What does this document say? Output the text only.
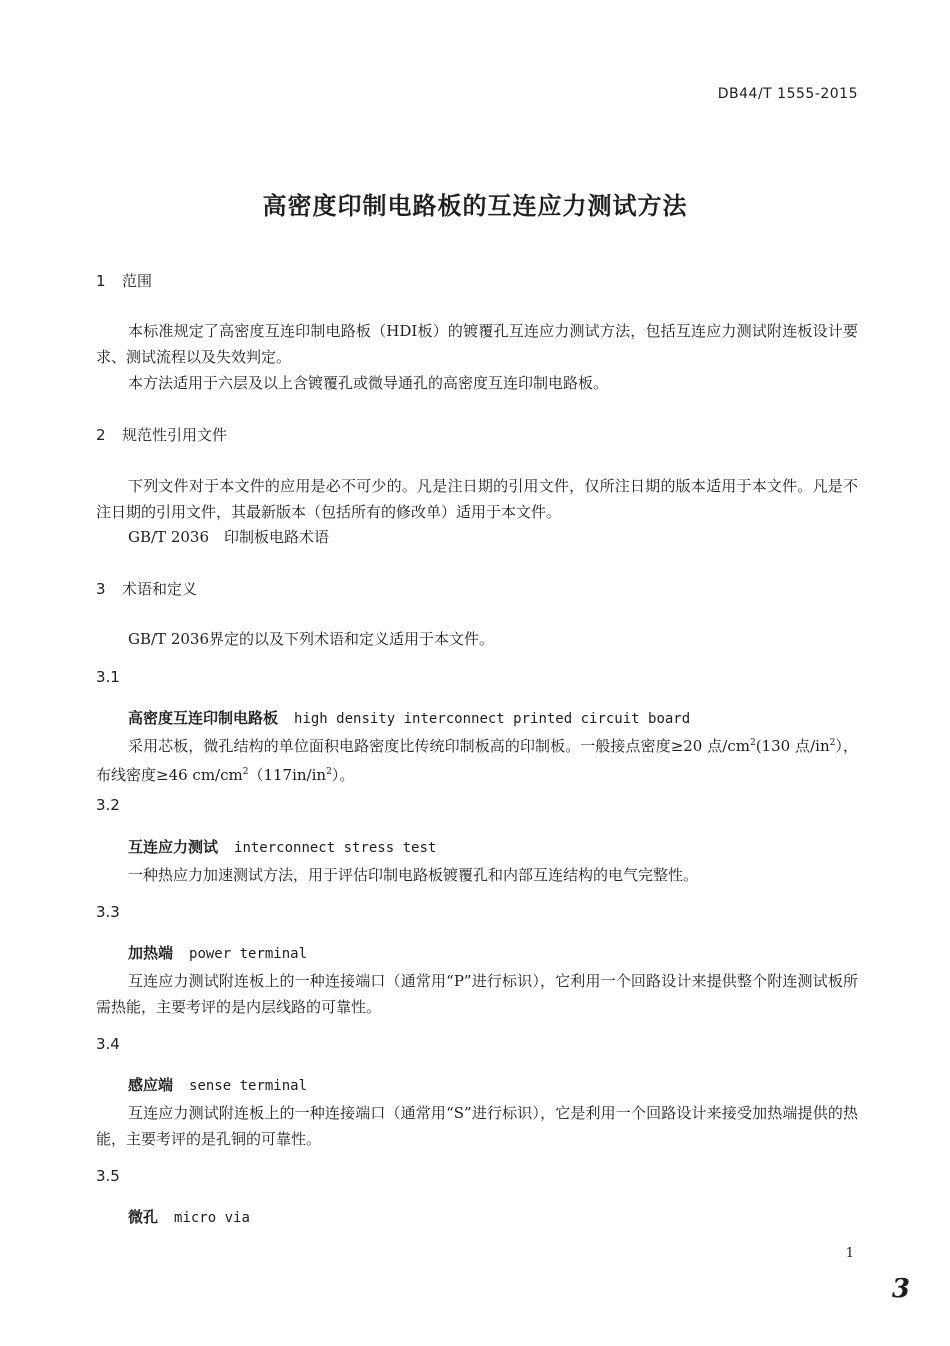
DB44/T 1555-2015
高密度印制电路板的互连应力测试方法
1 范围

本标准规定了高密度互连印制电路板（HDI板）的镀覆孔互连应力测试方法，包括互连应力测试附连板设计要求、测试流程以及失效判定。

本方法适用于六层及以上含镀覆孔或微导通孔的高密度互连印制电路板。

2 规范性引用文件

下列文件对于本文件的应用是必不可少的。凡是注日期的引用文件，仅所注日期的版本适用于本文件。凡是不注日期的引用文件，其最新版本（包括所有的修改单）适用于本文件。

GB/T 2036 印制板电路术语
3 术语和定义

GB/T 2036界定的以及下列术语和定义适用于本文件。

3.1
高密度互连印制电路板 high density interconnect printed circuit board

采用芯板，微孔结构的单位面积电路密度比传统印制板高的印制板。一般接点密度≥20 点$/cm^2(130$ 点$/in^2$），布线密度≥46 $cm/cm^2(117in/in^2)$。

3.2
互连应力测试 interconnect stress test

一种热应力加速测试方法，用于评估印制电路板镀覆孔和内部互连结构的电气完整性。

3.3
加热端 power terminal

互连应力测试附连板上的一种连接端口（通常用“P”进行标识），它利用一个回路设计来提供整个附连测试板所需热能，主要考评的是内层线路的可靠性。

3.4
感应端 sense terminal

互连应力测试附连板上的一种连接端口（通常用“S”进行标识），它是利用一个回路设计来接受加热端提供的热能，主要考评的是孔铜的可靠性。

3.5
微孔 micro via
1
3
